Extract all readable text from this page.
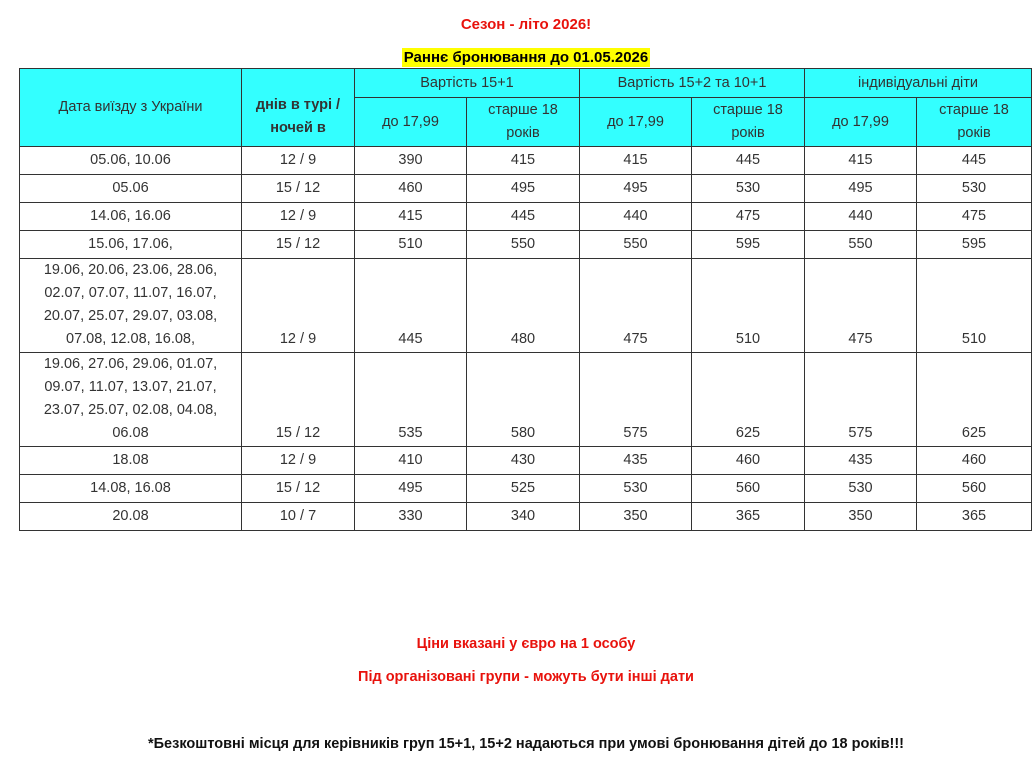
Сезон - літо 2026!
Раннє бронювання до 01.05.2026
Дата виїзду з України	днів в турі / ночей в	Вартість 15+1		Вартість 15+2 та 10+1		індивідуальні діти	
		до 17,99	старше 18 років	до 17,99	старше 18 років	до 17,99	старше 18 років
05.06, 10.06	12 / 9	390	415	415	445	415	445
05.06	15 / 12	460	495	495	530	495	530
14.06, 16.06	12 / 9	415	445	440	475	440	475
15.06, 17.06,	15 / 12	510	550	550	595	550	595
19.06, 20.06, 23.06, 28.06, 02.07, 07.07, 11.07, 16.07, 20.07, 25.07, 29.07, 03.08, 07.08, 12.08, 16.08,	12 / 9	445	480	475	510	475	510
19.06, 27.06, 29.06, 01.07, 09.07, 11.07, 13.07, 21.07, 23.07, 25.07, 02.08, 04.08, 06.08	15 / 12	535	580	575	625	575	625
18.08	12 / 9	410	430	435	460	435	460
14.08, 16.08	15 / 12	495	525	530	560	530	560
20.08	10 / 7	330	340	350	365	350	365
Ціни вказані у євро на 1 особу
Під організовані групи - можуть бути інші дати
*Безкоштовні місця для керівників груп 15+1, 15+2 надаються при умові бронювання дітей до 18 років!!!
